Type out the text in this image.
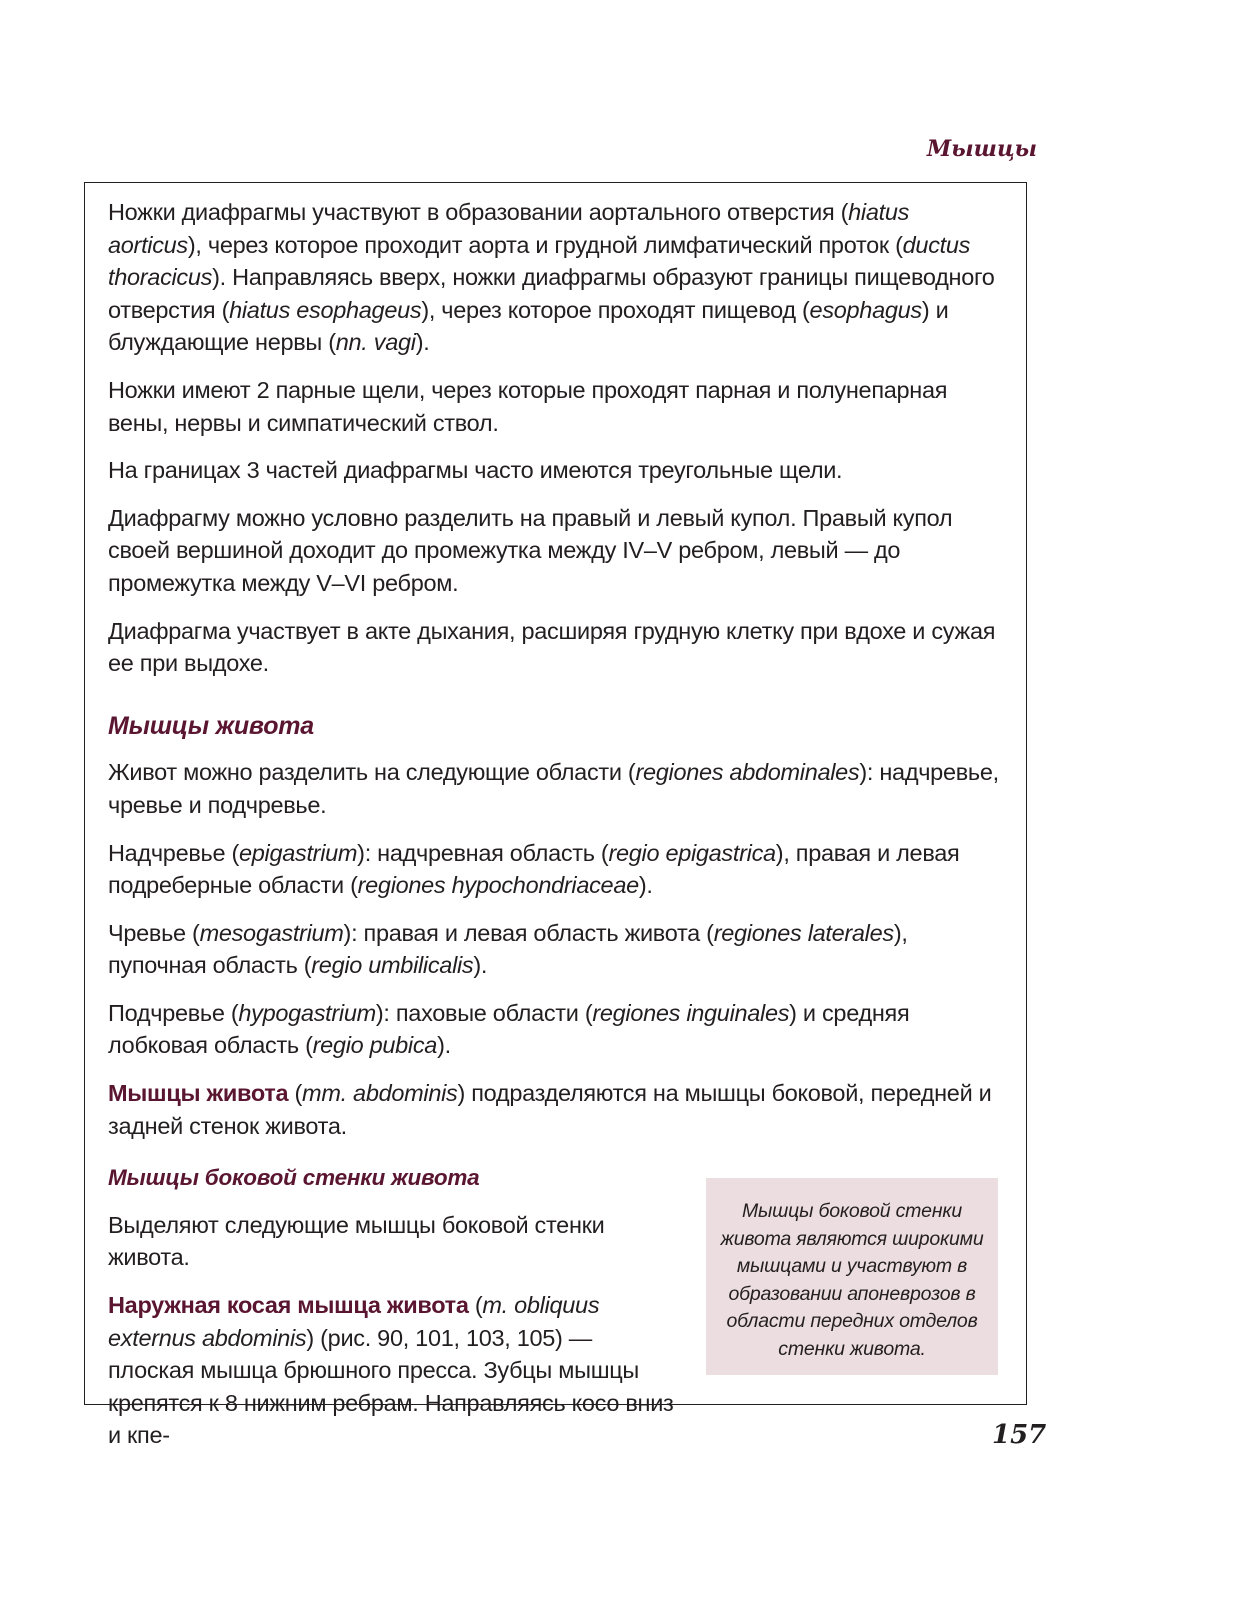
Мышцы

Ножки диафрагмы участвуют в образовании аортального отверстия (hiatus aorticus), через которое проходит аорта и грудной лимфатический проток (ductus thoracicus). Направляясь вверх, ножки диафрагмы образуют границы пищеводного отверстия (hiatus esophageus), через которое проходят пищевод (esophagus) и блуждающие нервы (nn. vagi).

Ножки имеют 2 парные щели, через которые проходят парная и полунепарная вены, нервы и симпатический ствол.

На границах 3 частей диафрагмы часто имеются треугольные щели.

Диафрагму можно условно разделить на правый и левый купол. Правый купол своей вершиной доходит до промежутка между IV–V ребром, левый — до промежутка между V–VI ребром.

Диафрагма участвует в акте дыхания, расширяя грудную клетку при вдохе и сужая ее при выдохе.

Мышцы живота

Живот можно разделить на следующие области (regiones abdominales): надчревье, чревье и подчревье.

Надчревье (epigastrium): надчревная область (regio epigastrica), правая и левая подреберные области (regiones hypochondriaceae).

Чревье (mesogastrium): правая и левая область живота (regiones laterales), пупочная область (regio umbilicalis).

Подчревье (hypogastrium): паховые области (regiones inguinales) и средняя лобковая область (regio pubica).

Мышцы живота (mm. abdominis) подразделяются на мышцы боковой, передней и задней стенок живота.

Мышцы боковой стенки живота

Выделяют следующие мышцы боковой стенки живота.

Наружная косая мышца живота (m. obliquus externus abdominis) (рис. 90, 101, 103, 105) — плоская мышца брюшного пресса. Зубцы мышцы крепятся к 8 нижним ребрам. Направляясь косо вниз и кпе-

Мышцы боковой стенки живота являются широкими мышцами и участвуют в образовании апоневрозов в области передних отделов стенки живота.
157
